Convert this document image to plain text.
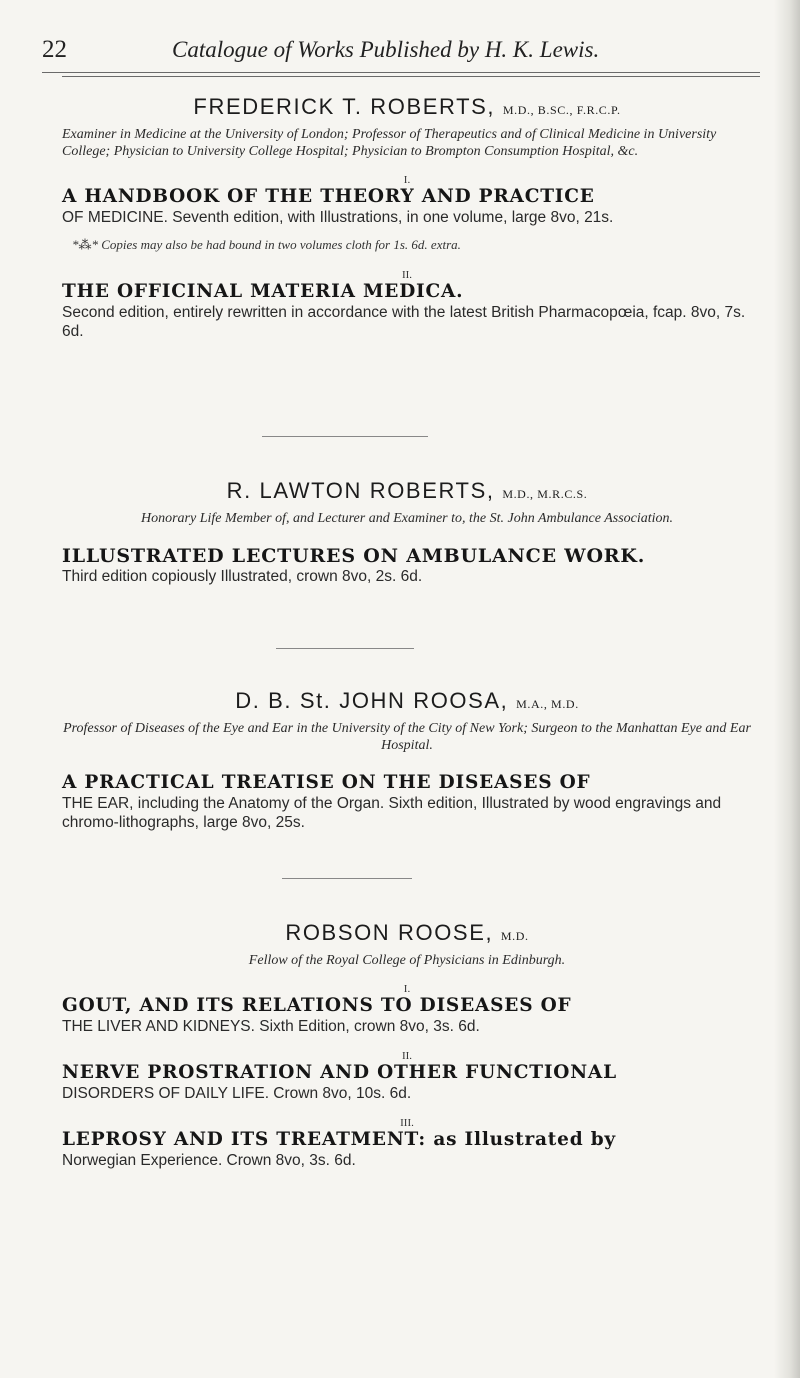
22	Catalogue of Works Published by H. K. Lewis.
FREDERICK T. ROBERTS, M.D., B.SC., F.R.C.P.
Examiner in Medicine at the University of London; Professor of Therapeutics and of Clinical Medicine in University College; Physician to University College Hospital; Physician to Brompton Consumption Hospital, &c.
I.
A HANDBOOK OF THE THEORY AND PRACTICE
OF MEDICINE. Seventh edition, with Illustrations, in one volume, large 8vo, 21s.
*⁂* Copies may also be had bound in two volumes cloth for 1s. 6d. extra.
II.
THE OFFICINAL MATERIA MEDICA.
Second edition, entirely rewritten in accordance with the latest British Pharmacopœia, fcap. 8vo, 7s. 6d.
R. LAWTON ROBERTS, M.D., M.R.C.S.
Honorary Life Member of, and Lecturer and Examiner to, the St. John Ambulance Association.
ILLUSTRATED LECTURES ON AMBULANCE WORK.
Third edition copiously Illustrated, crown 8vo, 2s. 6d.
D. B. St. JOHN ROOSA, M.A., M.D.
Professor of Diseases of the Eye and Ear in the University of the City of New York; Surgeon to the Manhattan Eye and Ear Hospital.
A PRACTICAL TREATISE ON THE DISEASES OF
THE EAR, including the Anatomy of the Organ. Sixth edition, Illustrated by wood engravings and chromo-lithographs, large 8vo, 25s.
ROBSON ROOSE, M.D.
Fellow of the Royal College of Physicians in Edinburgh.
I.
GOUT, AND ITS RELATIONS TO DISEASES OF
THE LIVER AND KIDNEYS. Sixth Edition, crown 8vo, 3s. 6d.
II.
NERVE PROSTRATION AND OTHER FUNCTIONAL
DISORDERS OF DAILY LIFE. Crown 8vo, 10s. 6d.
III.
LEPROSY AND ITS TREATMENT: as Illustrated by
Norwegian Experience. Crown 8vo, 3s. 6d.
